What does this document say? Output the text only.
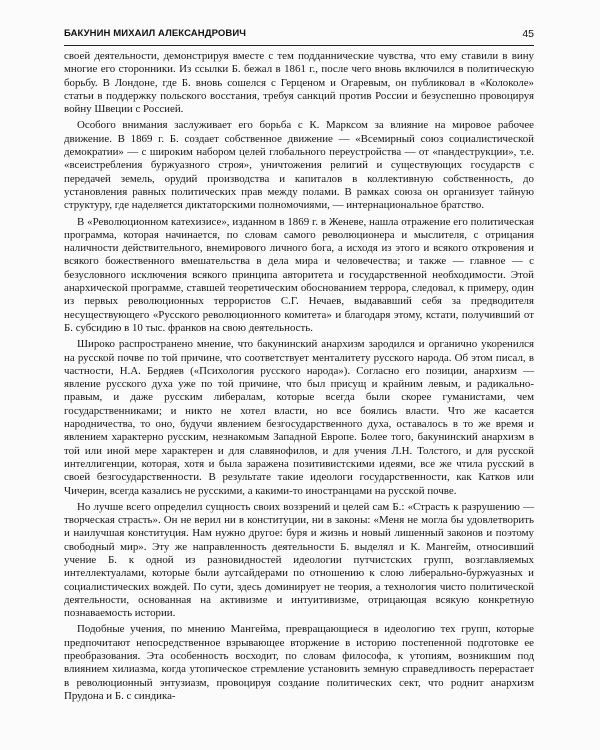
БАКУНИН МИХАИЛ АЛЕКСАНДРОВИЧ	45

своей деятельности, демонстрируя вместе с тем подданнические чувства, что ему ставили в вину многие его сторонники. Из ссылки Б. бежал в 1861 г., после чего вновь включился в политическую борьбу. В Лондоне, где Б. вновь сошелся с Герценом и Огаревым, он публиковал в «Колоколе» статьи в поддержку польского восстания, требуя санкций против России и безуспешно провоцируя войну Швеции с Россией.

Особого внимания заслуживает его борьба с К. Марксом за влияние на мировое рабочее движение. В 1869 г. Б. создает собственное движение — «Всемирный союз социалистической демократии» — с широким набором целей глобального переустройства — от «пандеструкции», т.е. «всеистребления буржуазного строя», уничтожения религий и существующих государств с передачей земель, орудий производства и капиталов в коллективную собственность, до установления равных политических прав между полами. В рамках союза он организует тайную структуру, где наделяется диктаторскими полномочиями, — интернациональное братство.

В «Революционном катехизисе», изданном в 1869 г. в Женеве, нашла отражение его политическая программа, которая начинается, по словам самого революционера и мыслителя, с отрицания наличности действительного, внемирового личного бога, а исходя из этого и всякого откровения и всякого божественного вмешательства в дела мира и человечества; и также — главное — с безусловного исключения всякого принципа авторитета и государственной необходимости. Этой анархической программе, ставшей теоретическим обоснованием террора, следовал, к примеру, один из первых революционных террористов С.Г. Нечаев, выдававший себя за предводителя несуществующего «Русского революционного комитета» и благодаря этому, кстати, получивший от Б. субсидию в 10 тыс. франков на свою деятельность.

Широко распространено мнение, что бакунинский анархизм зародился и органично укоренился на русской почве по той причине, что соответствует менталитету русского народа. Об этом писал, в частности, Н.А. Бердяев («Психология русского народа»). Согласно его позиции, анархизм — явление русского духа уже по той причине, что был присущ и крайним левым, и радикально-правым, и даже русским либералам, которые всегда были скорее гуманистами, чем государственниками; и никто не хотел власти, но все боялись власти. Что же касается народничества, то оно, будучи явлением безгосударственного духа, оставалось в то же время и явлением характерно русским, незнакомым Западной Европе. Более того, бакунинский анархизм в той или иной мере характерен и для славянофилов, и для учения Л.Н. Толстого, и для русской интеллигенции, которая, хотя и была заражена позитивистскими идеями, все же чтила русский в своей безгосударственности. В результате такие идеологи государственности, как Катков или Чичерин, всегда казались не русскими, а какими-то иностранцами на русской почве.

Но лучше всего определил сущность своих воззрений и целей сам Б.: «Страсть к разрушению — творческая страсть». Он не верил ни в конституции, ни в законы: «Меня не могла бы удовлетворить и наилучшая конституция. Нам нужно другое: буря и жизнь и новый лишенный законов и поэтому свободный мир». Эту же направленность деятельности Б. выделял и К. Мангейм, относивший учение Б. к одной из разновидностей идеологии путчистских групп, возглавляемых интеллектуалами, которые были аутсайдерами по отношению к слою либерально-буржуазных и социалистических вождей. По сути, здесь доминирует не теория, а технология чисто политической деятельности, основанная на активизме и интуитивизме, отрицающая всякую конкретную познаваемость истории.

Подобные учения, по мнению Мангейма, превращающиеся в идеологию тех групп, которые предпочитают непосредственное взрывающее вторжение в историю постепенной подготовке ее преобразования. Эта особенность восходит, по словам философа, к утопиям, возникшим под влиянием хилиазма, когда утопическое стремление установить земную справедливость перерастает в революционный энтузиазм, провоцируя создание политических сект, что роднит анархизм Прудона и Б. с синдика-
